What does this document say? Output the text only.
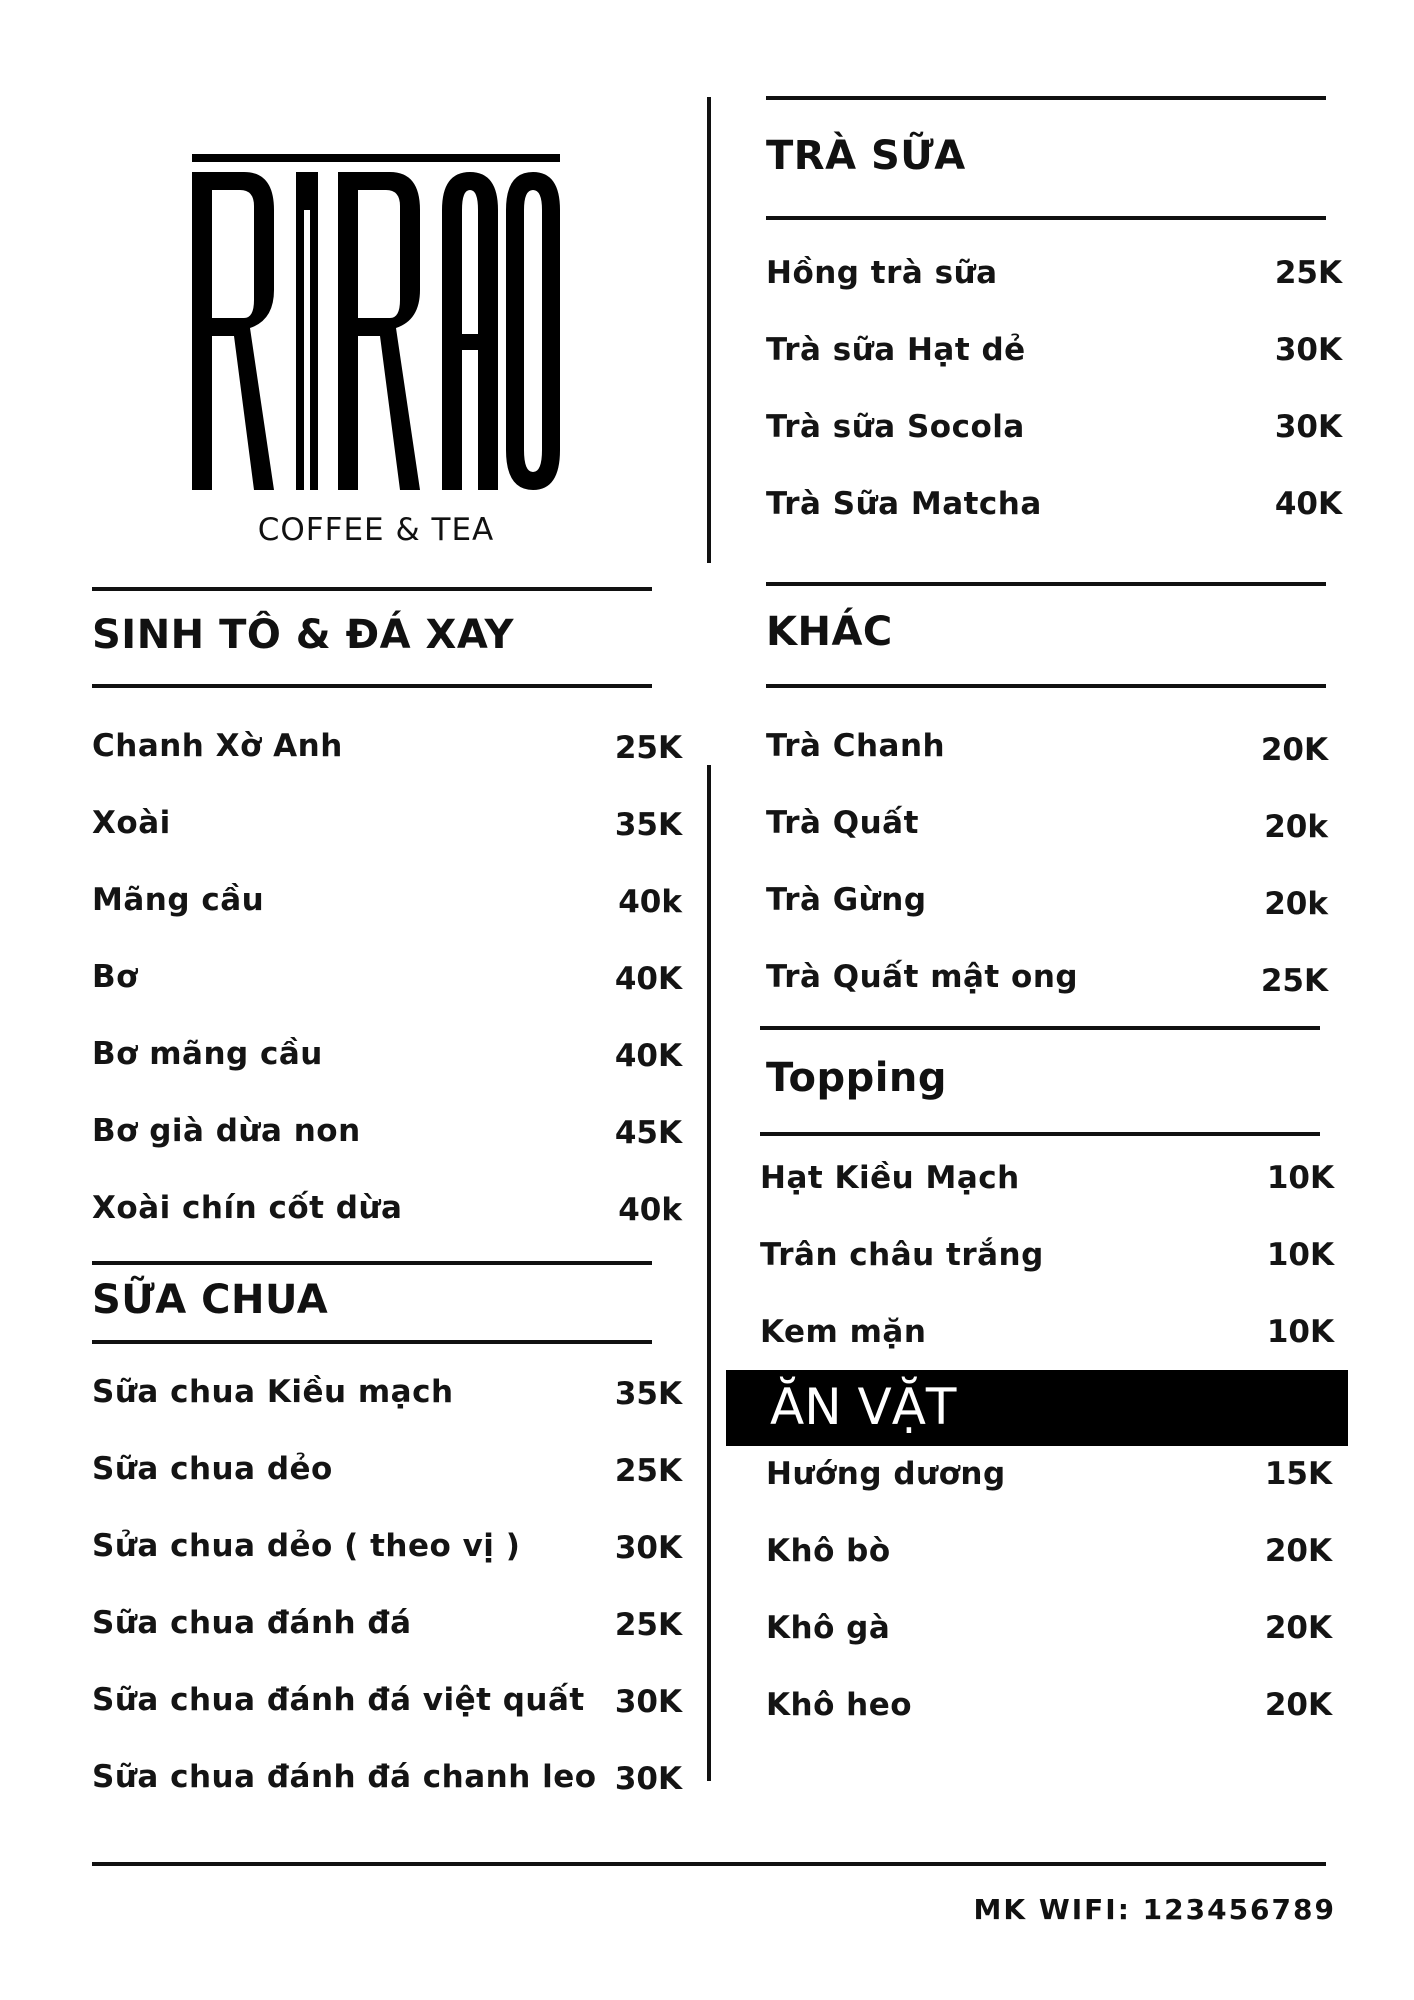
COFFEE & TEA
SINH TÔ & ĐÁ XAY
Chanh Xờ Anh	25K
Xoài	35K
Mãng cầu	40k
Bơ	40K
Bơ mãng cầu	40K
Bơ già dừa non	45K
Xoài chín cốt dừa	40k
SỮA CHUA
Sữa chua Kiều mạch	35K
Sữa chua dẻo	25K
Sửa chua dẻo ( theo vị )	30K
Sữa chua đánh đá	25K
Sữa chua đánh đá việt quất 30K
Sữa chua đánh đá chanh leo 30K
TRÀ SỮA
Hồng trà sữa	25K
Trà sữa Hạt dẻ	30K
Trà sữa Socola	30K
Trà Sữa Matcha	40K
KHÁC
Trà Chanh	20K
Trà Quất	20k
Trà Gừng	20k
Trà Quất mật ong	25K
Topping
Hạt Kiều Mạch	10K
Trân châu trắng	10K
Kem mặn	10K
ĂN VẶT
Hướng dương	15K
Khô bò	20K
Khô gà	20K
Khô heo	20K
MK WIFI: 123456789
